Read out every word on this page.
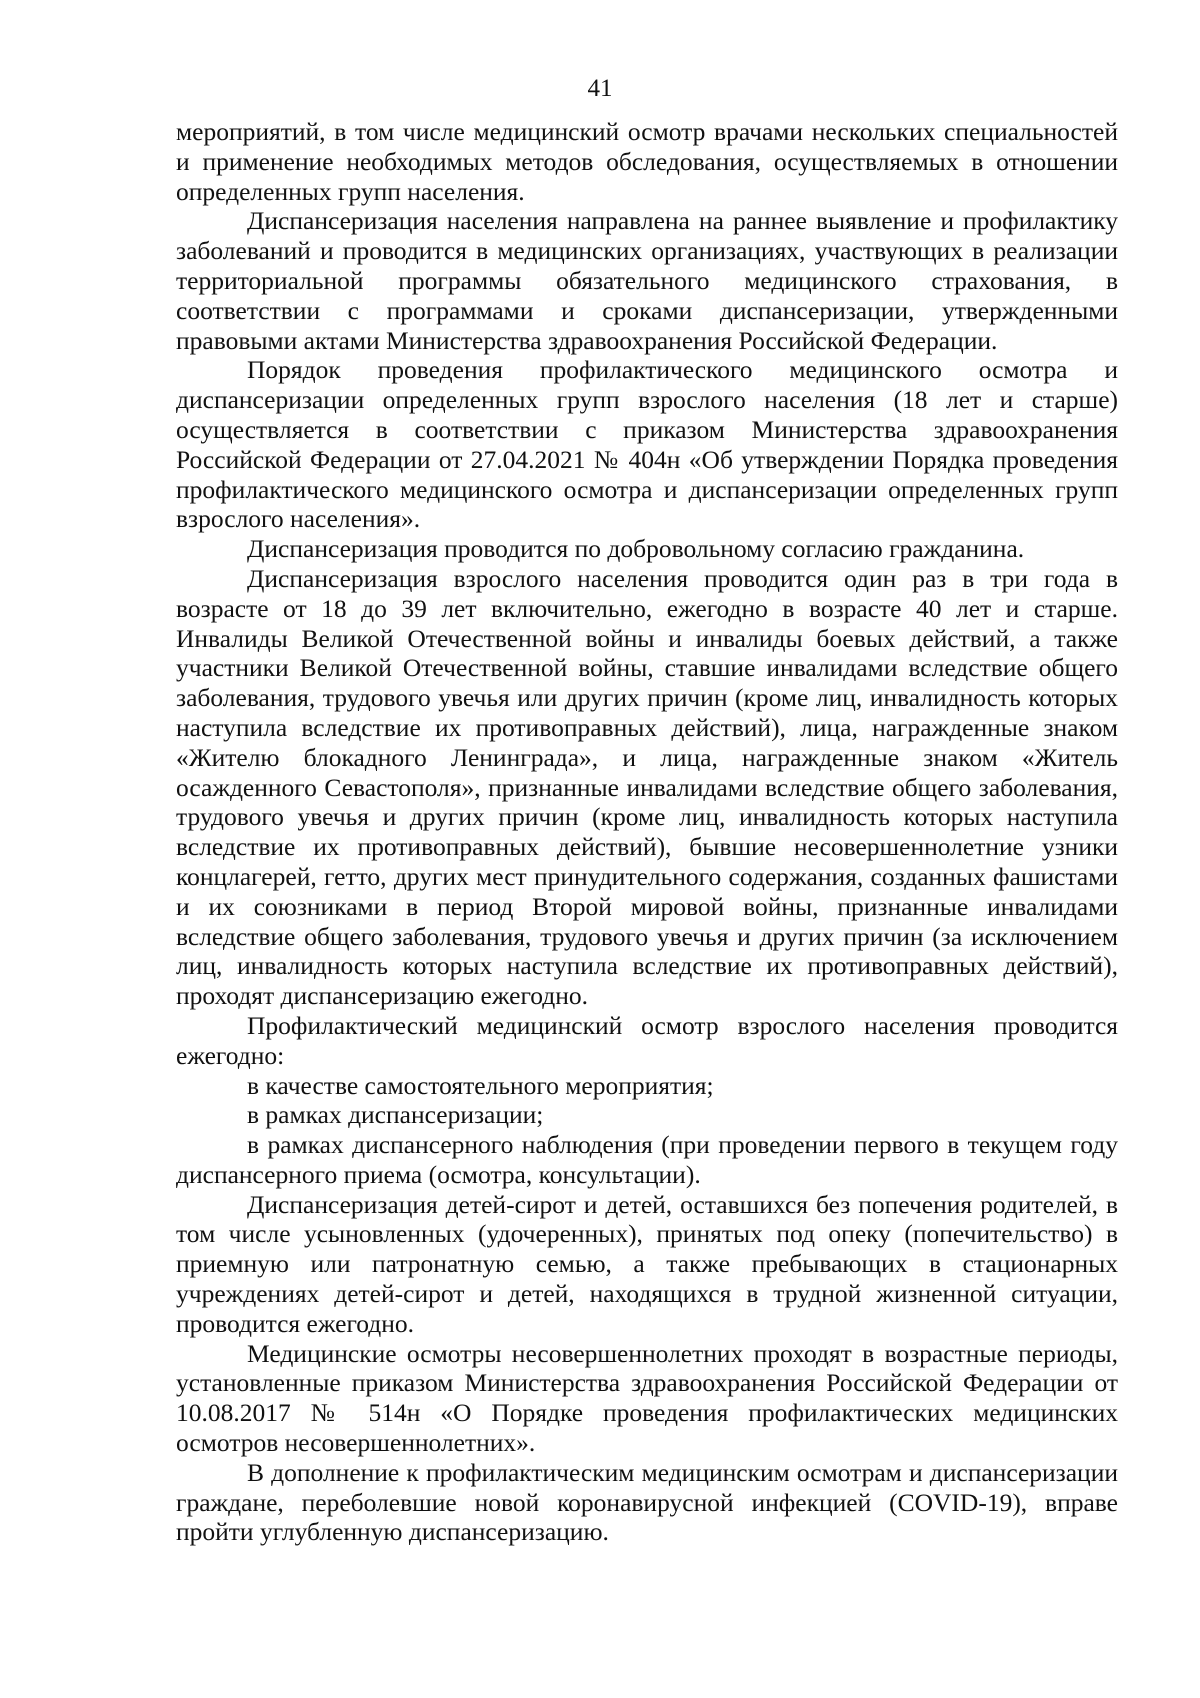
41

мероприятий, в том числе медицинский осмотр врачами нескольких специальностей и применение необходимых методов обследования, осуществляемых в отношении определенных групп населения.

Диспансеризация населения направлена на раннее выявление и профилактику заболеваний и проводится в медицинских организациях, участвующих в реализации территориальной программы обязательного медицинского страхования, в соответствии с программами и сроками диспансеризации, утвержденными правовыми актами Министерства здравоохранения Российской Федерации.

Порядок проведения профилактического медицинского осмотра и диспансеризации определенных групп взрослого населения (18 лет и старше) осуществляется в соответствии с приказом Министерства здравоохранения Российской Федерации от 27.04.2021 № 404н «Об утверждении Порядка проведения профилактического медицинского осмотра и диспансеризации определенных групп взрослого населения».

Диспансеризация проводится по добровольному согласию гражданина.

Диспансеризация взрослого населения проводится один раз в три года в возрасте от 18 до 39 лет включительно, ежегодно в возрасте 40 лет и старше. Инвалиды Великой Отечественной войны и инвалиды боевых действий, а также участники Великой Отечественной войны, ставшие инвалидами вследствие общего заболевания, трудового увечья или других причин (кроме лиц, инвалидность которых наступила вследствие их противоправных действий), лица, награжденные знаком «Жителю блокадного Ленинграда», и лица, награжденные знаком «Житель осажденного Севастополя», признанные инвалидами вследствие общего заболевания, трудового увечья и других причин (кроме лиц, инвалидность которых наступила вследствие их противоправных действий), бывшие несовершеннолетние узники концлагерей, гетто, других мест принудительного содержания, созданных фашистами и их союзниками в период Второй мировой войны, признанные инвалидами вследствие общего заболевания, трудового увечья и других причин (за исключением лиц, инвалидность которых наступила вследствие их противоправных действий), проходят диспансеризацию ежегодно.

Профилактический медицинский осмотр взрослого населения проводится ежегодно:

в качестве самостоятельного мероприятия;

в рамках диспансеризации;

в рамках диспансерного наблюдения (при проведении первого в текущем году диспансерного приема (осмотра, консультации).

Диспансеризация детей-сирот и детей, оставшихся без попечения родителей, в том числе усыновленных (удочеренных), принятых под опеку (попечительство) в приемную или патронатную семью, а также пребывающих в стационарных учреждениях детей-сирот и детей, находящихся в трудной жизненной ситуации, проводится ежегодно.

Медицинские осмотры несовершеннолетних проходят в возрастные периоды, установленные приказом Министерства здравоохранения Российской Федерации от 10.08.2017 № 514н «О Порядке проведения профилактических медицинских осмотров несовершеннолетних».

В дополнение к профилактическим медицинским осмотрам и диспансеризации граждане, переболевшие новой коронавирусной инфекцией (COVID-19), вправе пройти углубленную диспансеризацию.
